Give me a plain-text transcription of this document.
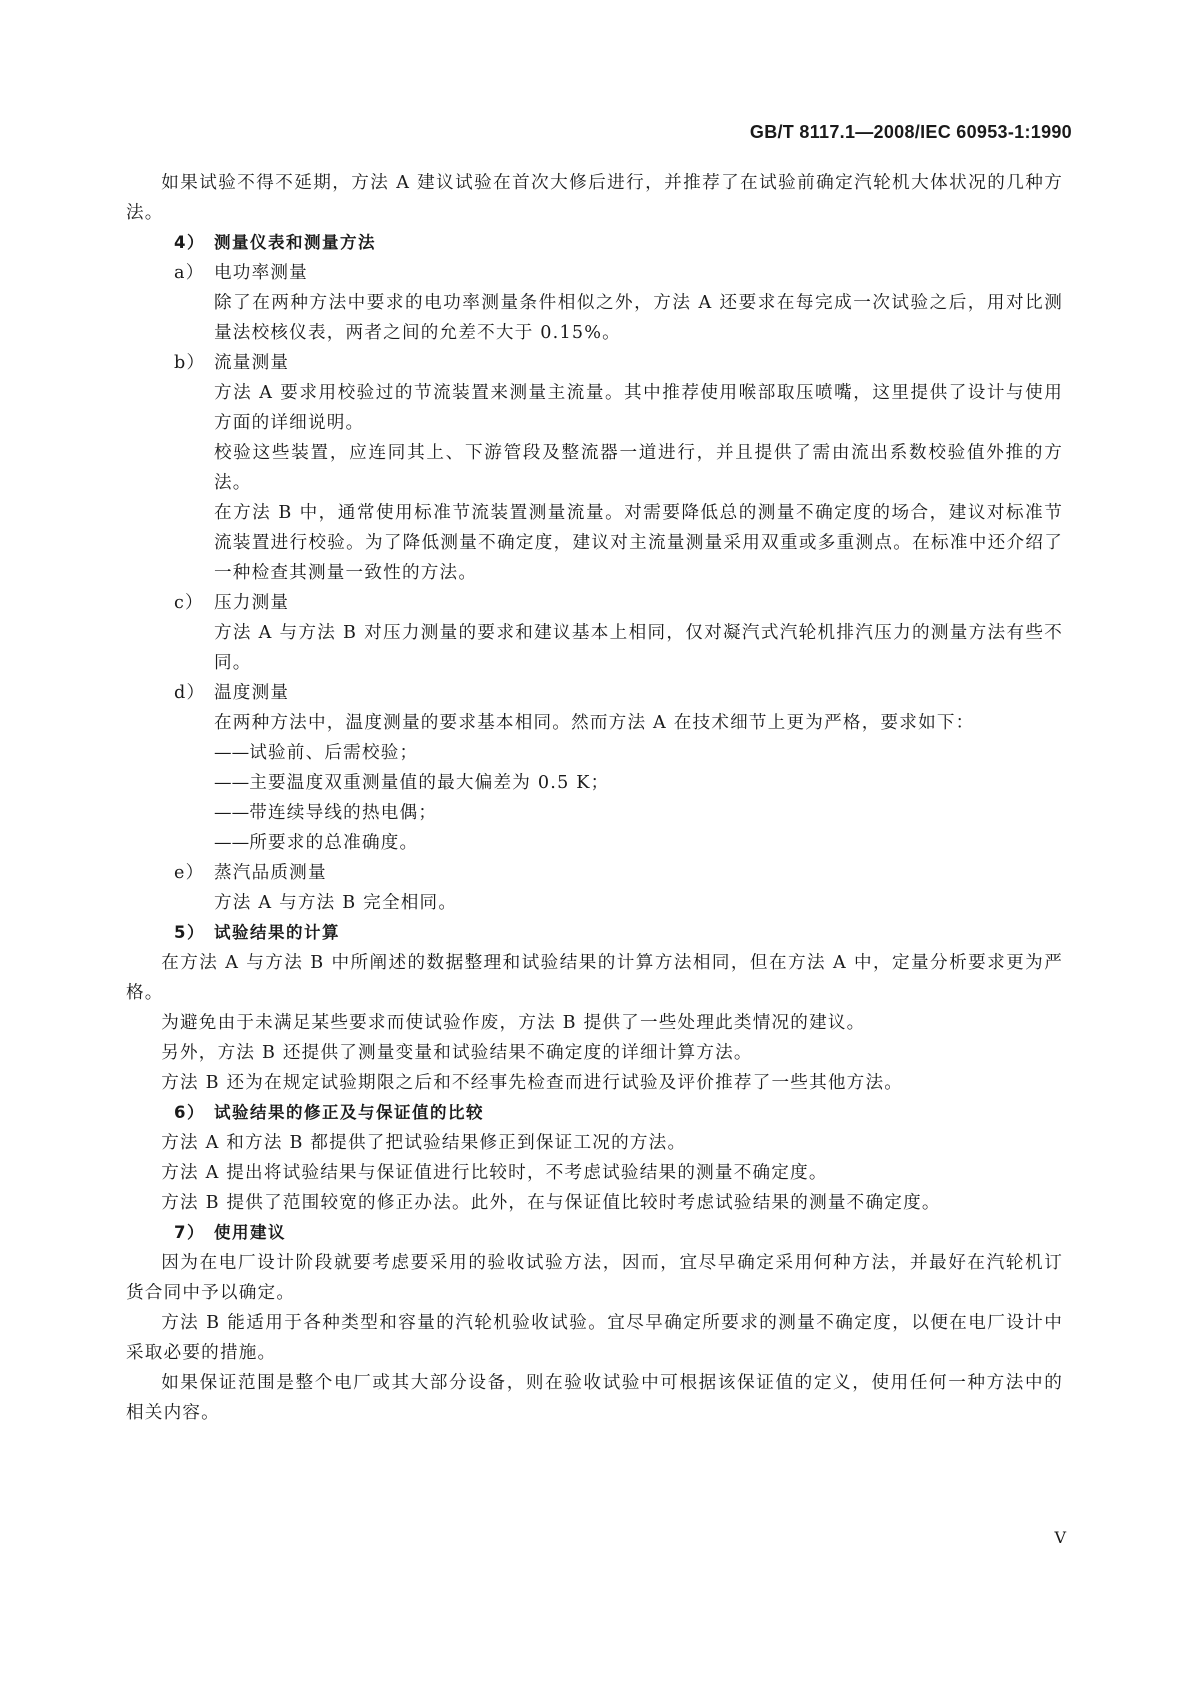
GB/T 8117.1—2008/IEC 60953-1:1990

如果试验不得不延期，方法 A 建议试验在首次大修后进行，并推荐了在试验前确定汽轮机大体状况的几种方法。

4） 测量仪表和测量方法
a） 电功率测量

除了在两种方法中要求的电功率测量条件相似之外，方法 A 还要求在每完成一次试验之后，用对比测量法校核仪表，两者之间的允差不大于 0.15%。

b） 流量测量

方法 A 要求用校验过的节流装置来测量主流量。其中推荐使用喉部取压喷嘴，这里提供了设计与使用方面的详细说明。

校验这些装置，应连同其上、下游管段及整流器一道进行，并且提供了需由流出系数校验值外推的方法。

在方法 B 中，通常使用标准节流装置测量流量。对需要降低总的测量不确定度的场合，建议对标准节流装置进行校验。为了降低测量不确定度，建议对主流量测量采用双重或多重测点。在标准中还介绍了一种检查其测量一致性的方法。

c） 压力测量

方法 A 与方法 B 对压力测量的要求和建议基本上相同，仅对凝汽式汽轮机排汽压力的测量方法有些不同。

d） 温度测量

在两种方法中，温度测量的要求基本相同。然而方法 A 在技术细节上更为严格，要求如下：

—— 试验前、后需校验；
—— 主要温度双重测量值的最大偏差为 0.5 K；
—— 带连续导线的热电偶；
—— 所要求的总准确度。
e） 蒸汽品质测量

方法 A 与方法 B 完全相同。

5） 试验结果的计算

在方法 A 与方法 B 中所阐述的数据整理和试验结果的计算方法相同，但在方法 A 中，定量分析要求更为严格。

为避免由于未满足某些要求而使试验作废，方法 B 提供了一些处理此类情况的建议。

另外，方法 B 还提供了测量变量和试验结果不确定度的详细计算方法。

方法 B 还为在规定试验期限之后和不经事先检查而进行试验及评价推荐了一些其他方法。

6） 试验结果的修正及与保证值的比较

方法 A 和方法 B 都提供了把试验结果修正到保证工况的方法。

方法 A 提出将试验结果与保证值进行比较时，不考虑试验结果的测量不确定度。

方法 B 提供了范围较宽的修正办法。此外，在与保证值比较时考虑试验结果的测量不确定度。

7） 使用建议

因为在电厂设计阶段就要考虑要采用的验收试验方法，因而，宜尽早确定采用何种方法，并最好在汽轮机订货合同中予以确定。

方法 B 能适用于各种类型和容量的汽轮机验收试验。宜尽早确定所要求的测量不确定度，以便在电厂设计中采取必要的措施。

如果保证范围是整个电厂或其大部分设备，则在验收试验中可根据该保证值的定义，使用任何一种方法中的相关内容。

V
